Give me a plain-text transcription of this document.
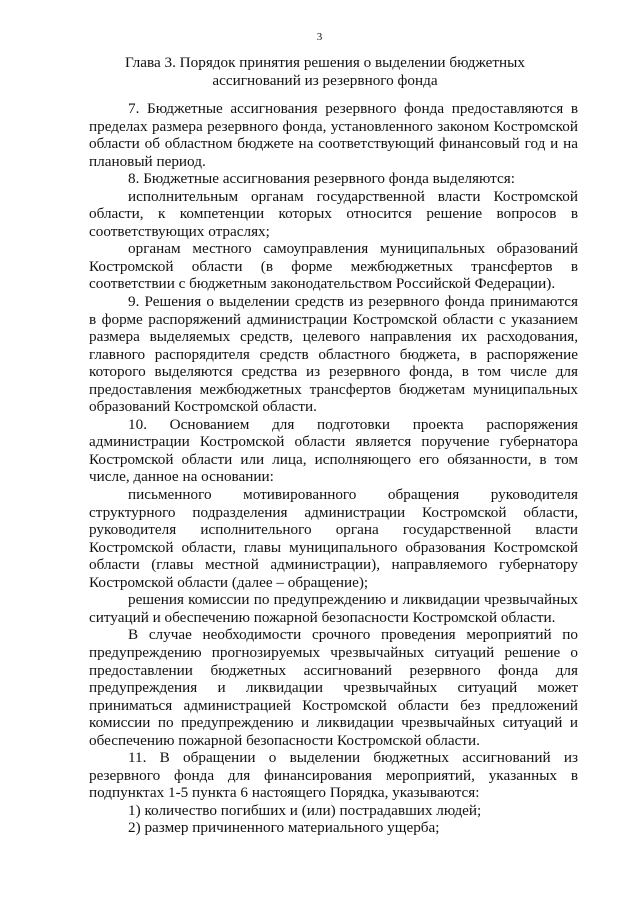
3
Глава 3. Порядок принятия решения о выделении бюджетных ассигнований из резервного фонда

7. Бюджетные ассигнования резервного фонда предоставляются в пределах размера резервного фонда, установленного законом Костромской области об областном бюджете на соответствующий финансовый год и на плановый период.

8. Бюджетные ассигнования резервного фонда выделяются:

исполнительным органам государственной власти Костромской области, к компетенции которых относится решение вопросов в соответствующих отраслях;

органам местного самоуправления муниципальных образований Костромской области (в форме межбюджетных трансфертов в соответствии с бюджетным законодательством Российской Федерации).

9. Решения о выделении средств из резервного фонда принимаются в форме распоряжений администрации Костромской области с указанием размера выделяемых средств, целевого направления их расходования, главного распорядителя средств областного бюджета, в распоряжение которого выделяются средства из резервного фонда, в том числе для предоставления межбюджетных трансфертов бюджетам муниципальных образований Костромской области.

10. Основанием для подготовки проекта распоряжения администрации Костромской области является поручение губернатора Костромской области или лица, исполняющего его обязанности, в том числе, данное на основании:

письменного мотивированного обращения руководителя структурного подразделения администрации Костромской области, руководителя исполнительного органа государственной власти Костромской области, главы муниципального образования Костромской области (главы местной администрации), направляемого губернатору Костромской области (далее – обращение);

решения комиссии по предупреждению и ликвидации чрезвычайных ситуаций и обеспечению пожарной безопасности Костромской области.

В случае необходимости срочного проведения мероприятий по предупреждению прогнозируемых чрезвычайных ситуаций решение о предоставлении бюджетных ассигнований резервного фонда для предупреждения и ликвидации чрезвычайных ситуаций может приниматься администрацией Костромской области без предложений комиссии по предупреждению и ликвидации чрезвычайных ситуаций и обеспечению пожарной безопасности Костромской области.

11. В обращении о выделении бюджетных ассигнований из резервного фонда для финансирования мероприятий, указанных в подпунктах 1-5 пункта 6 настоящего Порядка, указываются:

1) количество погибших и (или) пострадавших людей;

2) размер причиненного материального ущерба;
